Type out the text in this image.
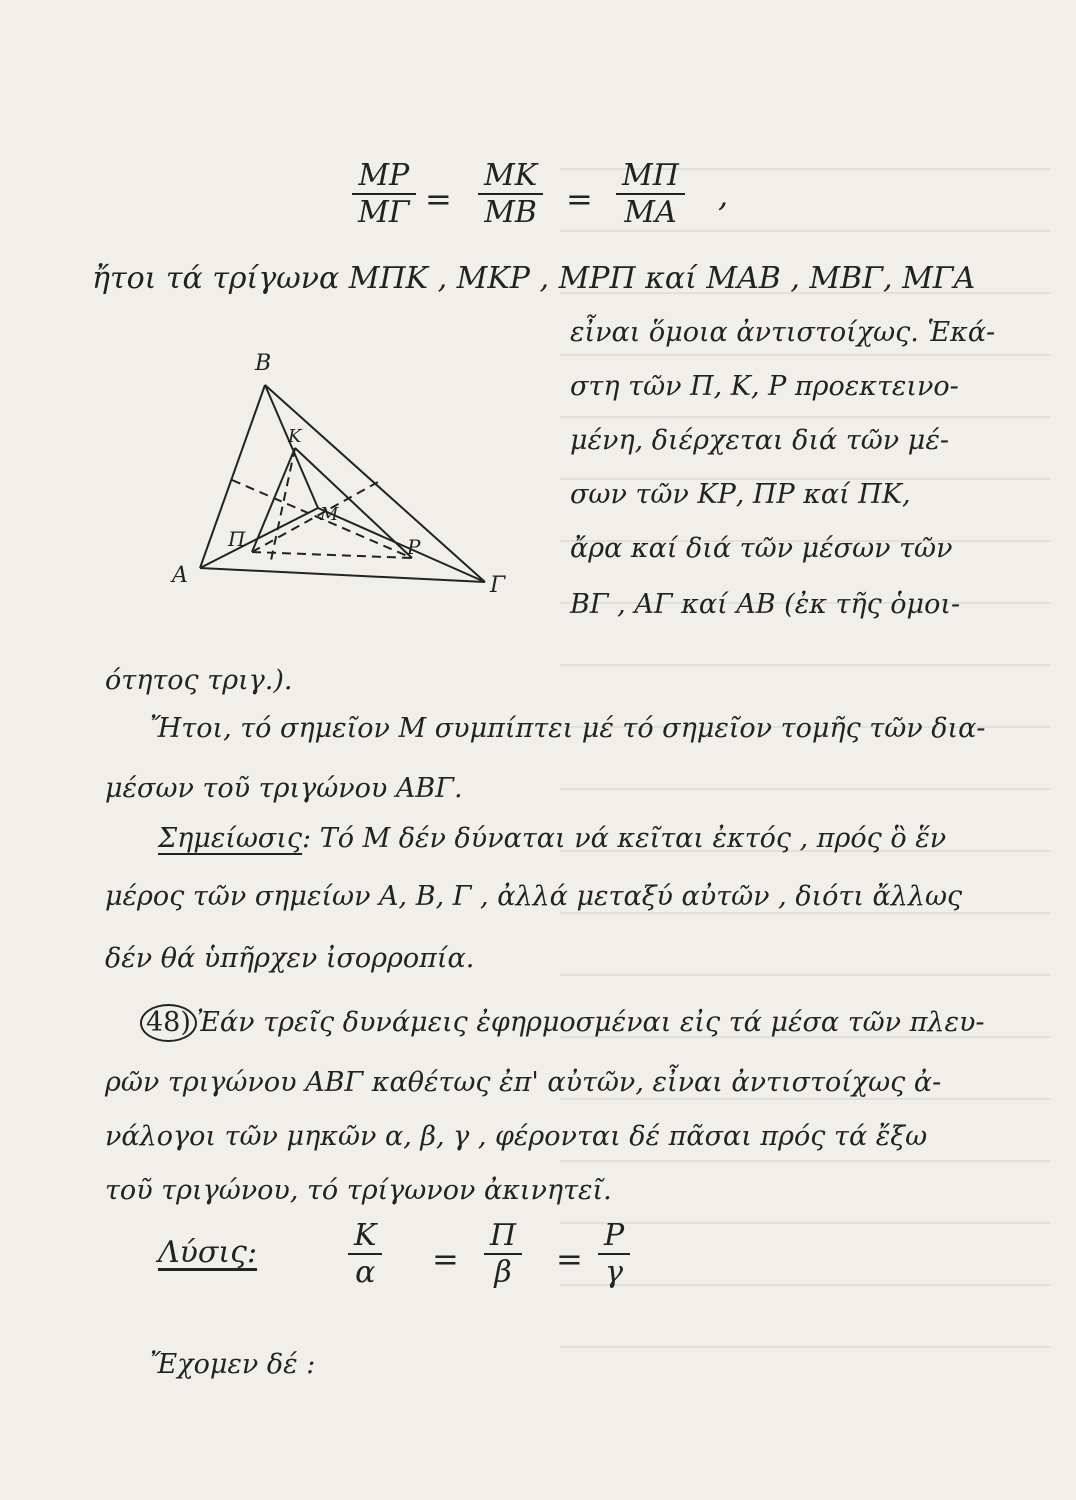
$\frac{MP}{M\Gamma} = \frac{MK}{MB} = \frac{M\Pi}{MA}$ ,
ἤτοι τά τρίγωνα ΜΠΚ , ΜΚΡ , ΜΡΠ καί ΜΑΒ , ΜΒΓ, ΜΓΑ
εἶναι ὅμοια ἀντιστοίχως. Ἑκά-
στη τῶν Π, Κ, Ρ προεκτεινο-
μένη, διέρχεται διά τῶν μέ-
σων τῶν ΚΡ, ΠΡ καί ΠΚ,
ἄρα καί διά τῶν μέσων τῶν
ΒΓ , ΑΓ καί ΑΒ (ἐκ τῆς ὁμοι-
Β
Κ
Μ
Ρ
Π
Α	Γ
ότητος τριγ.).
Ἤτοι, τό σημεῖον Μ συμπίπτει μέ τό σημεῖον τομῆς τῶν δια-
μέσων τοῦ τριγώνου ΑΒΓ.
Σημείωσις: Τό Μ δέν δύναται νά κεῖται ἐκτός , πρός ὃ ἕν
μέρος τῶν σημείων Α, Β, Γ , ἀλλά μεταξύ αὐτῶν , διότι ἄλλως
δέν θά ὑπῆρχεν ἰσορροπία.
48) Ἐάν τρεῖς δυνάμεις ἐφηρμοσμέναι εἰς τά μέσα τῶν πλευ-
ρῶν τριγώνου ΑΒΓ καθέτως ἐπ' αὐτῶν, εἶναι ἀντιστοίχως ἀ-
νάλογοι τῶν μηκῶν α, β, γ , φέρονται δέ πᾶσαι πρός τά ἔξω
τοῦ τριγώνου, τό τρίγωνον ἀκινητεῖ.
Λύσις:	$\frac{K}{\alpha} = \frac{\Pi}{\beta} = \frac{P}{\gamma}$
Ἔχομεν δέ :
